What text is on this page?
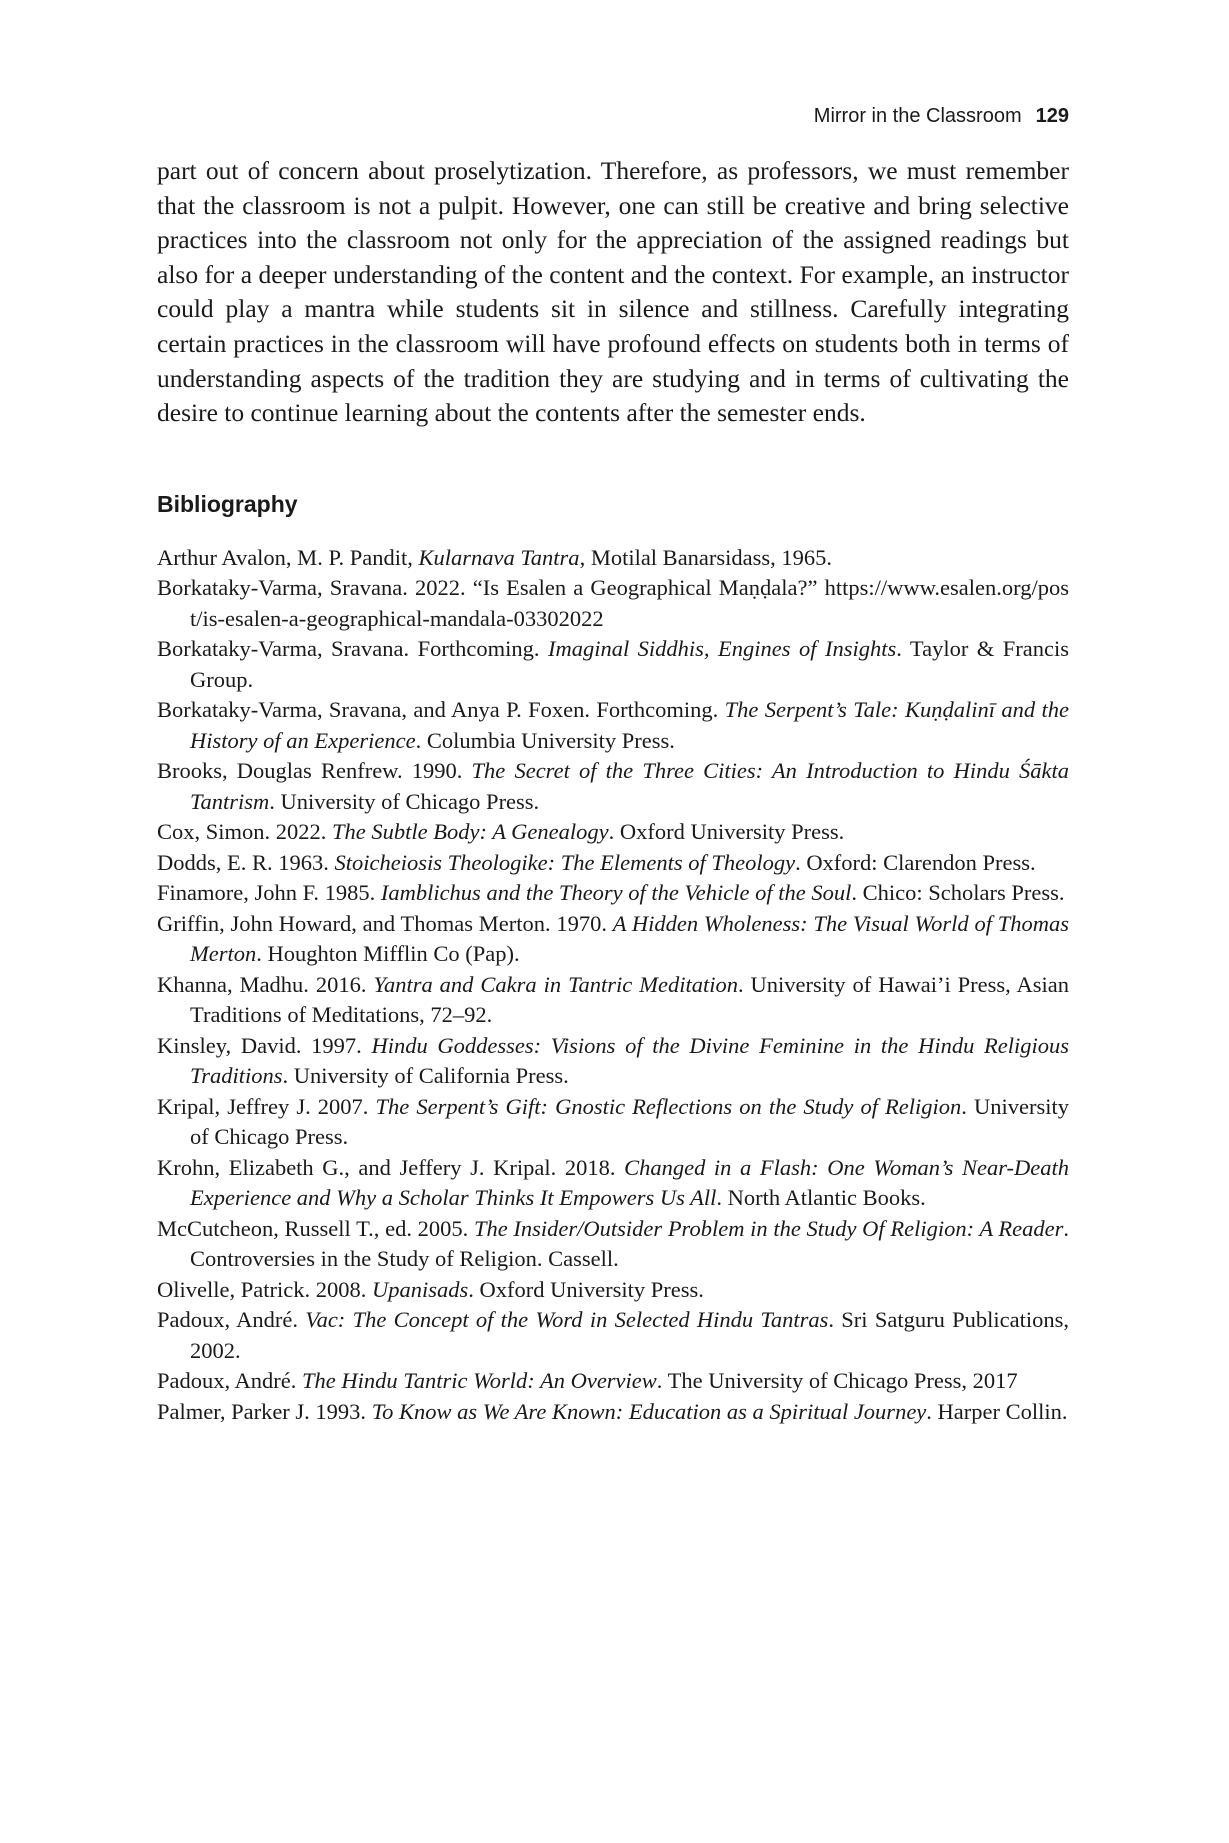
Mirror in the Classroom 129

part out of concern about proselytization. Therefore, as professors, we must remember that the classroom is not a pulpit. However, one can still be creative and bring selective practices into the classroom not only for the appreciation of the assigned readings but also for a deeper understanding of the content and the context. For example, an instructor could play a mantra while students sit in silence and stillness. Carefully integrating certain practices in the classroom will have profound effects on students both in terms of understanding aspects of the tradition they are studying and in terms of cultivating the desire to continue learning about the contents after the semester ends.

Bibliography
Arthur Avalon, M. P. Pandit, Kularnava Tantra, Motilal Banarsidass, 1965.
Borkataky-Varma, Sravana. 2022. “Is Esalen a Geographical Maṇḍala?” https://www.esalen.org/post/is-esalen-a-geographical-mandala-03302022
Borkataky-Varma, Sravana. Forthcoming. Imaginal Siddhis, Engines of Insights. Taylor & Francis Group.
Borkataky-Varma, Sravana, and Anya P. Foxen. Forthcoming. The Serpent’s Tale: Kuṇḍalinī and the History of an Experience. Columbia University Press.
Brooks, Douglas Renfrew. 1990. The Secret of the Three Cities: An Introduction to Hindu Śākta Tantrism. University of Chicago Press.
Cox, Simon. 2022. The Subtle Body: A Genealogy. Oxford University Press.
Dodds, E. R. 1963. Stoicheiosis Theologike: The Elements of Theology. Oxford: Clarendon Press.
Finamore, John F. 1985. Iamblichus and the Theory of the Vehicle of the Soul. Chico: Scholars Press.
Griffin, John Howard, and Thomas Merton. 1970. A Hidden Wholeness: The Visual World of Thomas Merton. Houghton Mifflin Co (Pap).
Khanna, Madhu. 2016. Yantra and Cakra in Tantric Meditation. University of Hawai’i Press, Asian Traditions of Meditations, 72–92.
Kinsley, David. 1997. Hindu Goddesses: Visions of the Divine Feminine in the Hindu Religious Traditions. University of California Press.
Kripal, Jeffrey J. 2007. The Serpent’s Gift: Gnostic Reflections on the Study of Religion. University of Chicago Press.
Krohn, Elizabeth G., and Jeffery J. Kripal. 2018. Changed in a Flash: One Woman’s Near-Death Experience and Why a Scholar Thinks It Empowers Us All. North Atlantic Books.
McCutcheon, Russell T., ed. 2005. The Insider/Outsider Problem in the Study Of Religion: A Reader. Controversies in the Study of Religion. Cassell.
Olivelle, Patrick. 2008. Upanisads. Oxford University Press.
Padoux, André. Vac: The Concept of the Word in Selected Hindu Tantras. Sri Satguru Publications, 2002.
Padoux, André. The Hindu Tantric World: An Overview. The University of Chicago Press, 2017
Palmer, Parker J. 1993. To Know as We Are Known: Education as a Spiritual Journey. Harper Collin.
